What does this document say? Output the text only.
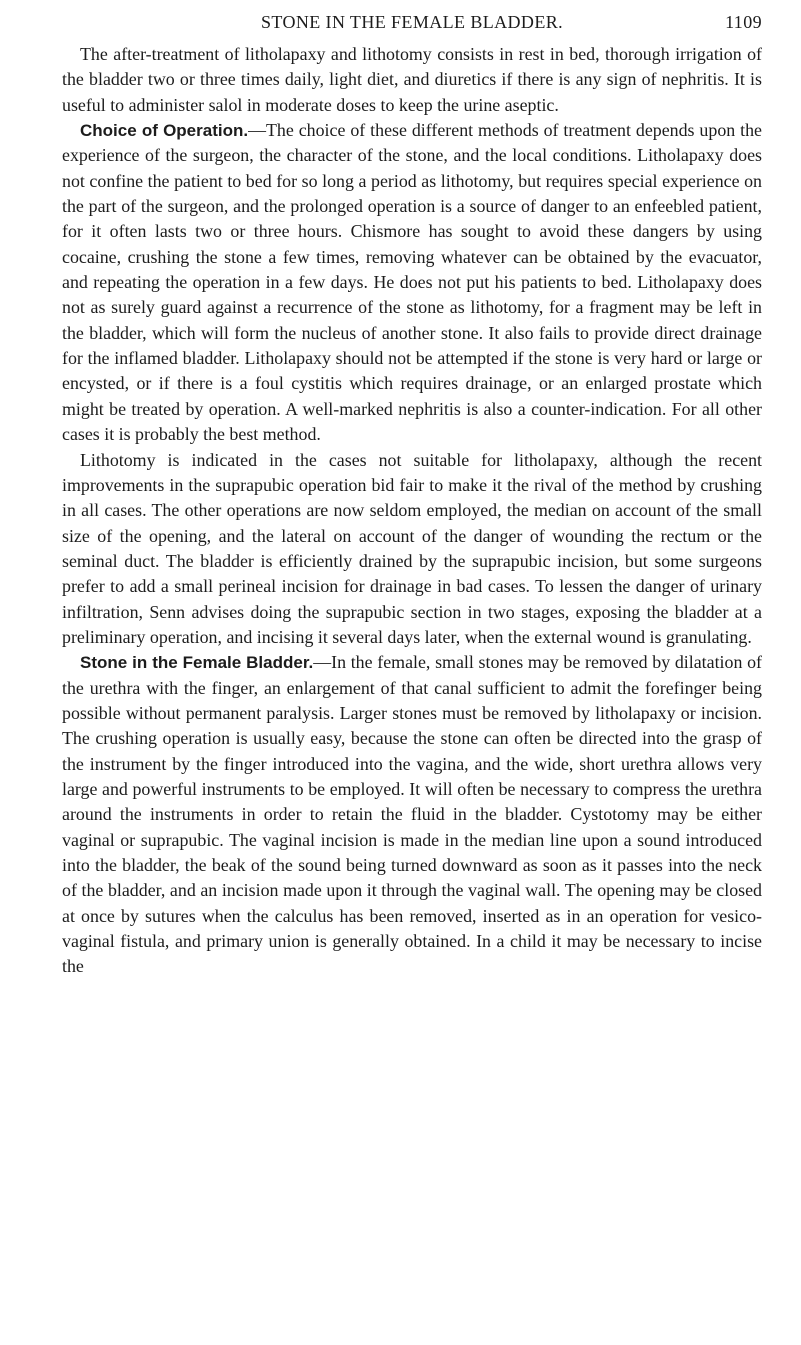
STONE IN THE FEMALE BLADDER.	1109

The after-treatment of litholapaxy and lithotomy consists in rest in bed, thorough irrigation of the bladder two or three times daily, light diet, and diuretics if there is any sign of nephritis. It is useful to administer salol in moderate doses to keep the urine aseptic.

Choice of Operation.—The choice of these different methods of treatment depends upon the experience of the surgeon, the character of the stone, and the local conditions. Litholapaxy does not confine the patient to bed for so long a period as lithotomy, but requires special experience on the part of the surgeon, and the prolonged operation is a source of danger to an enfeebled patient, for it often lasts two or three hours. Chismore has sought to avoid these dangers by using cocaine, crushing the stone a few times, removing whatever can be obtained by the evacuator, and repeating the operation in a few days. He does not put his patients to bed. Litholapaxy does not as surely guard against a recurrence of the stone as lithotomy, for a fragment may be left in the bladder, which will form the nucleus of another stone. It also fails to provide direct drainage for the inflamed bladder. Litholapaxy should not be attempted if the stone is very hard or large or encysted, or if there is a foul cystitis which requires drainage, or an enlarged prostate which might be treated by operation. A well-marked nephritis is also a counter-indication. For all other cases it is probably the best method.

Lithotomy is indicated in the cases not suitable for litholapaxy, although the recent improvements in the suprapubic operation bid fair to make it the rival of the method by crushing in all cases. The other operations are now seldom employed, the median on account of the small size of the opening, and the lateral on account of the danger of wounding the rectum or the seminal duct. The bladder is efficiently drained by the suprapubic incision, but some surgeons prefer to add a small perineal incision for drainage in bad cases. To lessen the danger of urinary infiltration, Senn advises doing the suprapubic section in two stages, exposing the bladder at a preliminary operation, and incising it several days later, when the external wound is granulating.

Stone in the Female Bladder.—In the female, small stones may be removed by dilatation of the urethra with the finger, an enlargement of that canal sufficient to admit the forefinger being possible without permanent paralysis. Larger stones must be removed by litholapaxy or incision. The crushing operation is usually easy, because the stone can often be directed into the grasp of the instrument by the finger introduced into the vagina, and the wide, short urethra allows very large and powerful instruments to be employed. It will often be necessary to compress the urethra around the instruments in order to retain the fluid in the bladder. Cystotomy may be either vaginal or suprapubic. The vaginal incision is made in the median line upon a sound introduced into the bladder, the beak of the sound being turned downward as soon as it passes into the neck of the bladder, and an incision made upon it through the vaginal wall. The opening may be closed at once by sutures when the calculus has been removed, inserted as in an operation for vesico-vaginal fistula, and primary union is generally obtained. In a child it may be necessary to incise the
